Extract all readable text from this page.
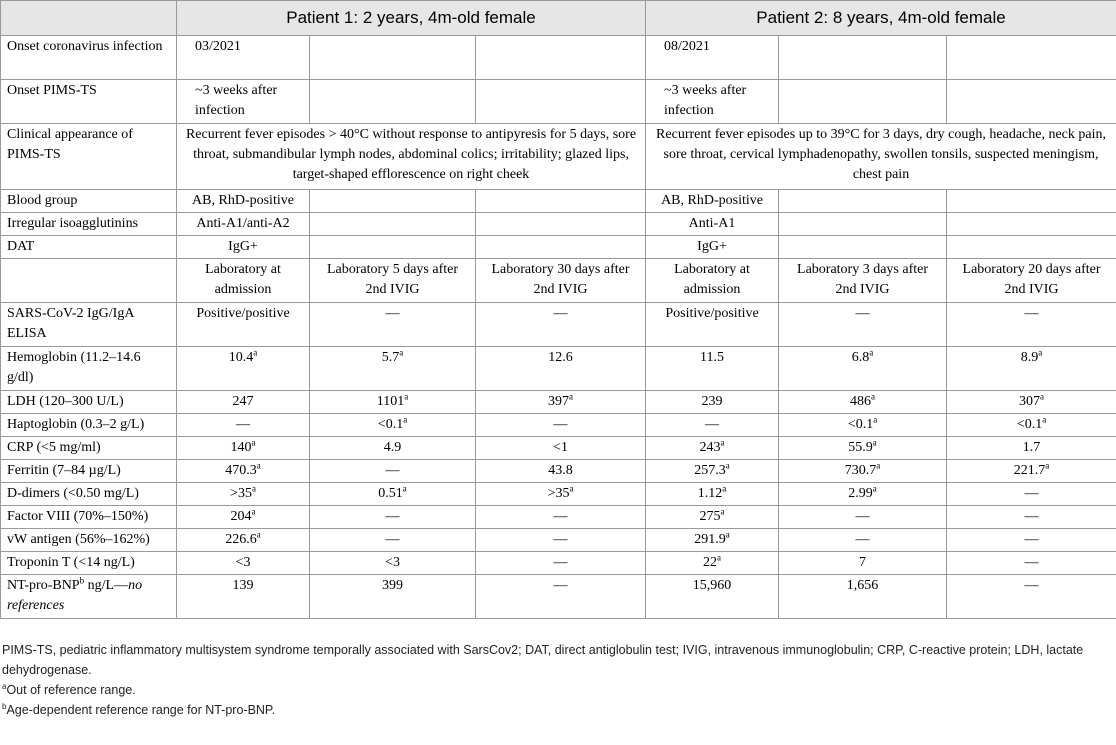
	Patient 1: 2 years, 4m-old female			Patient 2: 8 years, 4m-old female		
Onset coronavirus infection	03/2021			08/2021		
Onset PIMS-TS	~3 weeks after infection			~3 weeks after infection		
Clinical appearance of PIMS-TS	Recurrent fever episodes > 40°C without response to antipyresis for 5 days, sore throat, submandibular lymph nodes, abdominal colics; irritability; glazed lips, target-shaped efflorescence on right cheek			Recurrent fever episodes up to 39°C for 3 days, dry cough, headache, neck pain, sore throat, cervical lymphadenopathy, swollen tonsils, suspected meningism, chest pain		
Blood group	AB, RhD-positive			AB, RhD-positive		
Irregular isoagglutinins	Anti-A1/anti-A2			Anti-A1		
DAT	IgG+			IgG+		
	Laboratory at admission	Laboratory 5 days after 2nd IVIG	Laboratory 30 days after 2nd IVIG	Laboratory at admission	Laboratory 3 days after 2nd IVIG	Laboratory 20 days after 2nd IVIG
SARS-CoV-2 IgG/IgA ELISA	Positive/positive	—	—	Positive/positive	—	—
Hemoglobin (11.2–14.6 g/dl)	10.4$^a$	5.7$^a$	12.6	11.5	6.8$^a$	8.9$^a$
LDH (120–300 U/L)	247	1101$^a$	397$^a$	239	486$^a$	307$^a$
Haptoglobin (0.3–2 g/L)	—	<0.1$^a$	—	—	<0.1$^a$	<0.1$^a$
CRP (<5 mg/ml)	140$^a$	4.9	<1	243$^a$	55.9$^a$	1.7
Ferritin (7–84 µg/L)	470.3$^a$	—	43.8	257.3$^a$	730.7$^a$	221.7$^a$
D-dimers (<0.50 mg/L)	$>35^a$	0.51$^a$	$>35^a$	1.12$^a$	2.99$^a$	—
Factor VIII (70%–150%)	204$^a$	—	—	275$^a$	—	—
vW antigen (56%–162%)	226.6$^a$	—	—	291.9$^a$	—	—
Troponin T (<14 ng/L)	<3	<3	—	22$^a$	7	—
NT-pro-BNP$^b$ ng/L—no references	139	399	—	15,960	1,656	—

PIMS-TS, pediatric inflammatory multisystem syndrome temporally associated with SarsCov2; DAT, direct antiglobulin test; IVIG, intravenous immunoglobulin; CRP, C-reactive protein; LDH, lactate dehydrogenase.

$^a$Out of reference range.

$^b$Age-dependent reference range for NT-pro-BNP.
